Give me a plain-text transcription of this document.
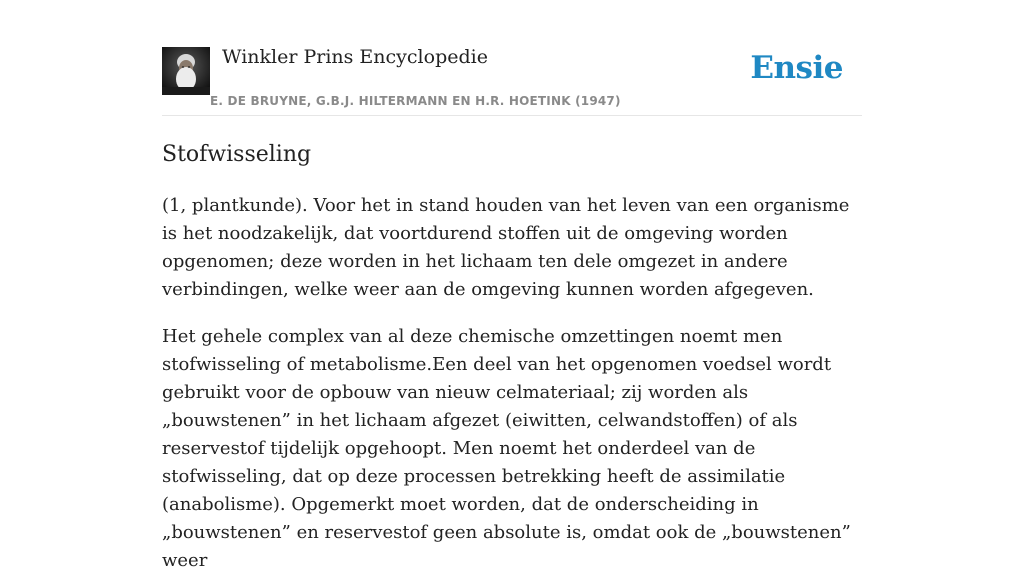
Winkler Prins Encyclopedie
E. DE BRUYNE, G.B.J. HILTERMANN EN H.R. HOETINK (1947)
Ensie
Stofwisseling

(1, plantkunde). Voor het in stand houden van het leven van een organisme is het noodzakelijk, dat voortdurend stoffen uit de omgeving worden opgenomen; deze worden in het lichaam ten dele omgezet in andere verbindingen, welke weer aan de omgeving kunnen worden afgegeven.

Het gehele complex van al deze chemische omzettingen noemt men stofwisseling of metabolisme.Een deel van het opgenomen voedsel wordt gebruikt voor de opbouw van nieuw celmateriaal; zij worden als „bouwstenen” in het lichaam afgezet (eiwitten, celwandstoffen) of als reservestof tijdelijk opgehoopt. Men noemt het onderdeel van de stofwisseling, dat op deze processen betrekking heeft de assimilatie (anabolisme). Opgemerkt moet worden, dat de onderscheiding in „bouwstenen” en reservestof geen absolute is, omdat ook de „bouwstenen” weer
